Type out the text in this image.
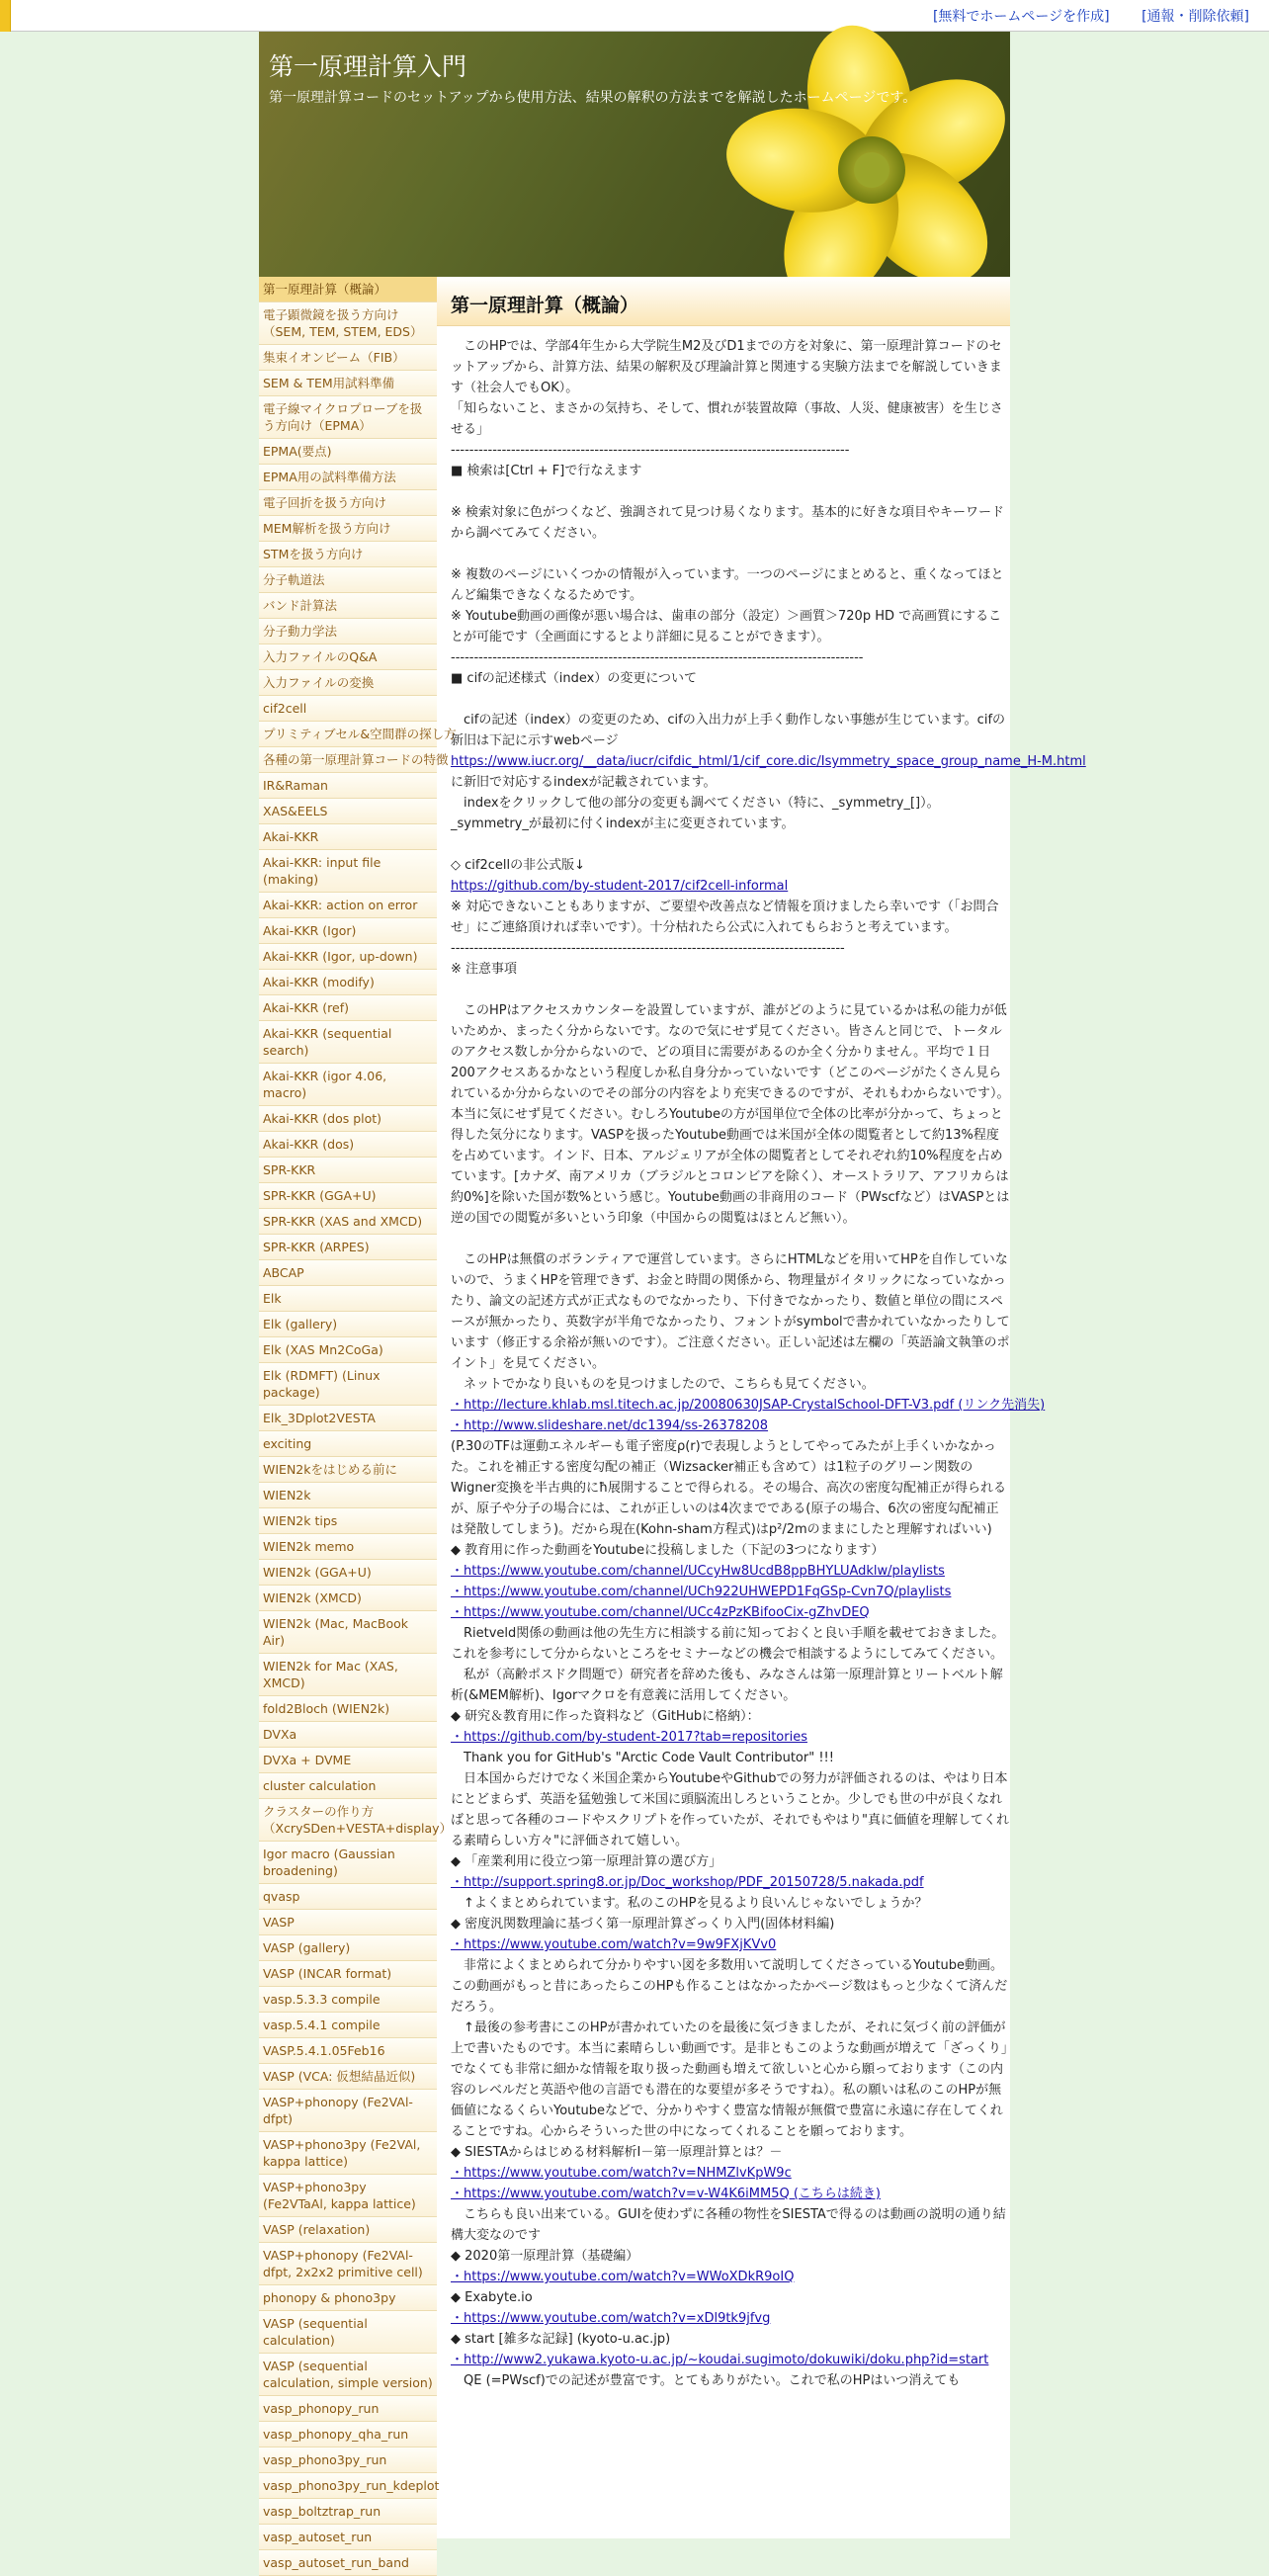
[無料でホームページを作成] [通報・削除依頼]
第一原理計算入門
第一原理計算コードのセットアップから使用方法、結果の解釈の方法までを解説したホームページです。
第一原理計算（概論）
電子顕微鏡を扱う方向け（SEM, TEM, STEM, EDS）
集束イオンビーム（FIB）
SEM & TEM用試料準備
電子線マイクロプローブを扱う方向け（EPMA）
EPMA(要点)
EPMA用の試料準備方法
電子回折を扱う方向け
MEM解析を扱う方向け
STMを扱う方向け
分子軌道法
バンド計算法
分子動力学法
入力ファイルのQ&A
入力ファイルの変換
cif2cell
プリミティブセル&空間群の探し方
各種の第一原理計算コードの特徴
IR&Raman
XAS&EELS
Akai-KKR
Akai-KKR: input file (making)
Akai-KKR: action on error
Akai-KKR (Igor)
Akai-KKR (Igor, up-down)
Akai-KKR (modify)
Akai-KKR (ref)
Akai-KKR (sequential search)
Akai-KKR (igor 4.06, macro)
Akai-KKR (dos plot)
Akai-KKR (dos)
SPR-KKR
SPR-KKR (GGA+U)
SPR-KKR (XAS and XMCD)
SPR-KKR (ARPES)
ABCAP
Elk
Elk (gallery)
Elk (XAS Mn2CoGa)
Elk (RDMFT) (Linux package)
Elk_3Dplot2VESTA
exciting
WIEN2kをはじめる前に
WIEN2k
WIEN2k tips
WIEN2k memo
WIEN2k (GGA+U)
WIEN2k (XMCD)
WIEN2k (Mac, MacBook Air)
WIEN2k for Mac (XAS, XMCD)
fold2Bloch (WIEN2k)
DVXa
DVXa + DVME
cluster calculation
クラスターの作り方（XcrySDen+VESTA+display）
Igor macro (Gaussian broadening)
qvasp
VASP
VASP (gallery)
VASP (INCAR format)
vasp.5.3.3 compile
vasp.5.4.1 compile
VASP.5.4.1.05Feb16
VASP (VCA: 仮想結晶近似)
VASP+phonopy (Fe2VAl-dfpt)
VASP+phono3py (Fe2VAl, kappa lattice)
VASP+phono3py (Fe2VTaAl, kappa lattice)
VASP (relaxation)
VASP+phonopy (Fe2VAl-dfpt, 2x2x2 primitive cell)
phonopy & phono3py
VASP (sequential calculation)
VASP (sequential calculation, simple version)
vasp_phonopy_run
vasp_phonopy_qha_run
vasp_phono3py_run
vasp_phono3py_run_kdeplot
vasp_boltztrap_run
vasp_autoset_run
vasp_autoset_run_band
第一原理計算（概論）

　このHPでは、学部4年生から大学院生M2及びD1までの方を対象に、第一原理計算コードのセットアップから、計算方法、結果の解釈及び理論計算と関連する実験方法までを解説していきます（社会人でもOK）。

「知らないこと、まさかの気持ち、そして、慣れが装置故障（事故、人災、健康被害）を生じさせる」

--------------------------------------------------------------------------------------

■ 検索は[Ctrl + F]で行なえます

※ 検索対象に色がつくなど、強調されて見つけ易くなります。基本的に好きな項目やキーワードから調べてみてください。

※ 複数のページにいくつかの情報が入っています。一つのページにまとめると、重くなってほとんど編集できなくなるためです。

※ Youtube動画の画像が悪い場合は、歯車の部分（設定）＞画質＞720p HD で高画質にすることが可能です（全画面にするとより詳細に見ることができます）。

-----------------------------------------------------------------------------------------

■ cifの記述様式（index）の変更について

　cifの記述（index）の変更のため、cifの入出力が上手く動作しない事態が生じています。cifの新旧は下記に示すwebページ

https://www.iucr.org/__data/iucr/cifdic_html/1/cif_core.dic/Isymmetry_space_group_name_H-M.html

に新旧で対応するindexが記載されています。

　indexをクリックして他の部分の変更も調べてください（特に、_symmetry_[]）。_symmetry_が最初に付くindexが主に変更されています。

◇ cif2cellの非公式版↓

https://github.com/by-student-2017/cif2cell-informal

※ 対応できないこともありますが、ご要望や改善点など情報を頂けましたら幸いです（「お問合せ」にご連絡頂ければ幸いです）。十分枯れたら公式に入れてもらおうと考えています。

-------------------------------------------------------------------------------------

※ 注意事項

　このHPはアクセスカウンターを設置していますが、誰がどのように見ているかは私の能力が低いためか、まったく分からないです。なので気にせず見てください。皆さんと同じで、トータルのアクセス数しか分からないので、どの項目に需要があるのか全く分かりません。平均で１日200アクセスあるかなという程度しか私自身分かっていないです（どこのページがたくさん見られているか分からないのでその部分の内容をより充実できるのですが、それもわからないです）。本当に気にせず見てください。むしろYoutubeの方が国単位で全体の比率が分かって、ちょっと得した気分になります。VASPを扱ったYoutube動画では米国が全体の閲覧者として約13%程度を占めています。インド、日本、アルジェリアが全体の閲覧者としてそれぞれ約10%程度を占めています。[カナダ、南アメリカ（ブラジルとコロンビアを除く）、オーストラリア、アフリカらは約0%]を除いた国が数%という感じ。Youtube動画の非商用のコード（PWscfなど）はVASPとは逆の国での閲覧が多いという印象（中国からの閲覧はほとんど無い）。

　このHPは無償のボランティアで運営しています。さらにHTMLなどを用いてHPを自作していないので、うまくHPを管理できず、お金と時間の関係から、物理量がイタリックになっていなかったり、論文の記述方式が正式なものでなかったり、下付きでなかったり、数値と単位の間にスペースが無かったり、英数字が半角でなかったり、フォントがsymbolで書かれていなかったりしています（修正する余裕が無いのです）。ご注意ください。正しい記述は左欄の「英語論文執筆のポイント」を見てください。

　ネットでかなり良いものを見つけましたので、こちらも見てください。

・http://lecture.khlab.msl.titech.ac.jp/20080630JSAP-CrystalSchool-DFT-V3.pdf (リンク先消失)

・http://www.slideshare.net/dc1394/ss-26378208

(P.30のTFは運動エネルギーも電子密度ρ(r)で表現しようとしてやってみたが上手くいかなかった。これを補正する密度勾配の補正（Wizsacker補正も含めて）は1粒子のグリーン関数のWigner変換を半古典的にħ展開することで得られる。その場合、高次の密度勾配補正が得られるが、原子や分子の場合には、これが正しいのは4次までである(原子の場合、6次の密度勾配補正は発散してしまう)。だから現在(Kohn-sham方程式)はp²/2mのままにしたと理解すればいい)

◆ 教育用に作った動画をYoutubeに投稿しました（下記の3つになります）

・https://www.youtube.com/channel/UCcyHw8UcdB8ppBHYLUAdklw/playlists

・https://www.youtube.com/channel/UCh922UHWEPD1FqGSp-Cvn7Q/playlists

・https://www.youtube.com/channel/UCc4zPzKBifooCix-gZhvDEQ

　Rietveld関係の動画は他の先生方に相談する前に知っておくと良い手順を載せておきました。これを参考にして分からないところをセミナーなどの機会で相談するようにしてみてください。

　私が（高齢ポスドク問題で）研究者を辞めた後も、みなさんは第一原理計算とリートベルト解析(&MEM解析)、Igorマクロを有意義に活用してください。

◆ 研究＆教育用に作った資料など（GitHubに格納）：

・https://github.com/by-student-2017?tab=repositories

　Thank you for GitHub's "Arctic Code Vault Contributor" !!!

　日本国からだけでなく米国企業からYoutubeやGithubでの努力が評価されるのは、やはり日本にとどまらず、英語を猛勉強して米国に頭脳流出しろということか。少しでも世の中が良くなればと思って各種のコードやスクリプトを作っていたが、それでもやはり"真に価値を理解してくれる素晴らしい方々"に評価されて嬉しい。

◆ 「産業利用に役立つ第一原理計算の選び方」

・http://support.spring8.or.jp/Doc_workshop/PDF_20150728/5.nakada.pdf

　↑よくまとめられています。私のこのHPを見るより良いんじゃないでしょうか？

◆ 密度汎関数理論に基づく第一原理計算ざっくり入門(固体材料編)

・https://www.youtube.com/watch?v=9w9FXjKVv0

　非常によくまとめられて分かりやすい図を多数用いて説明してくださっているYoutube動画。この動画がもっと昔にあったらこのHPも作ることはなかったかページ数はもっと少なくて済んだだろう。

　↑最後の参考書にこのHPが書かれていたのを最後に気づきましたが、それに気づく前の評価が上で書いたものです。本当に素晴らしい動画です。是非ともこのような動画が増えて「ざっくり」でなくても非常に細かな情報を取り扱った動画も増えて欲しいと心から願っております（この内容のレベルだと英語や他の言語でも潜在的な要望が多そうですね）。私の願いは私のこのHPが無価値になるくらいYoutubeなどで、分かりやすく豊富な情報が無償で豊富に永遠に存在してくれることですね。心からそういった世の中になってくれることを願っております。

◆ SIESTAからはじめる材料解析I－第一原理計算とは？－

・https://www.youtube.com/watch?v=NHMZlvKpW9c

・https://www.youtube.com/watch?v=v-W4K6iMM5Q (こちらは続き)

　こちらも良い出来ている。GUIを使わずに各種の物性をSIESTAで得るのは動画の説明の通り結構大変なのです

◆ 2020第一原理計算（基礎編）

・https://www.youtube.com/watch?v=WWoXDkR9oIQ

◆ Exabyte.io

・https://www.youtube.com/watch?v=xDl9tk9jfvg

◆ start [雑多な記録] (kyoto-u.ac.jp)

・http://www2.yukawa.kyoto-u.ac.jp/~koudai.sugimoto/dokuwiki/doku.php?id=start

　QE (=PWscf)での記述が豊富です。とてもありがたい。これで私のHPはいつ消えても
